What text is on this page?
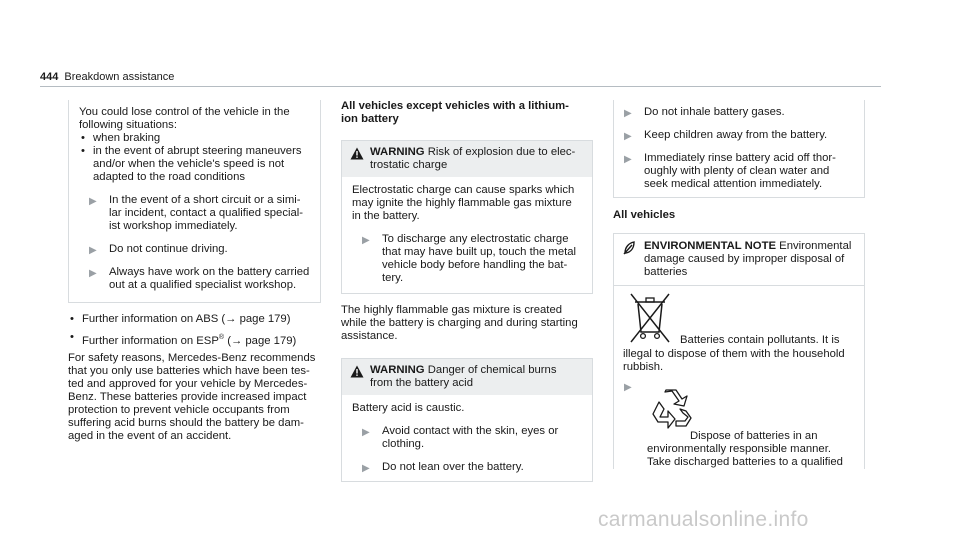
444 Breakdown assistance
You could lose control of the vehicle in the
following situations:
• when braking
• in the event of abrupt steering maneuvers
and/or when the vehicle's speed is not
adapted to the road conditions
▶ In the event of a short circuit or a simi-
lar incident, contact a qualified special-
ist workshop immediately.
▶ Do not continue driving.
▶ Always have work on the battery carried
out at a qualified specialist workshop.
• Further information on ABS (→ page 179)
• Further information on ESP® (→ page 179)
For safety reasons, Mercedes-Benz recommends
that you only use batteries which have been tes-
ted and approved for your vehicle by Mercedes-
Benz. These batteries provide increased impact
protection to prevent vehicle occupants from
suffering acid burns should the battery be dam-
aged in the event of an accident.
All vehicles except vehicles with a lithium-
ion battery
WARNING Risk of explosion due to elec-
trostatic charge
Electrostatic charge can cause sparks which
may ignite the highly flammable gas mixture
in the battery.
▶ To discharge any electrostatic charge
that may have built up, touch the metal
vehicle body before handling the bat-
tery.
The highly flammable gas mixture is created
while the battery is charging and during starting
assistance.
WARNING Danger of chemical burns
from the battery acid
Battery acid is caustic.
▶ Avoid contact with the skin, eyes or
clothing.
▶ Do not lean over the battery.
▶ Do not inhale battery gases.
▶ Keep children away from the battery.
▶ Immediately rinse battery acid off thor-
oughly with plenty of clean water and
seek medical attention immediately.
All vehicles
ENVIRONMENTAL NOTE Environmental
damage caused by improper disposal of
batteries
Batteries contain pollutants. It is
illegal to dispose of them with the household
rubbish.
▶
Dispose of batteries in an
environmentally responsible manner.
Take discharged batteries to a qualified
carmanualsonline.info
